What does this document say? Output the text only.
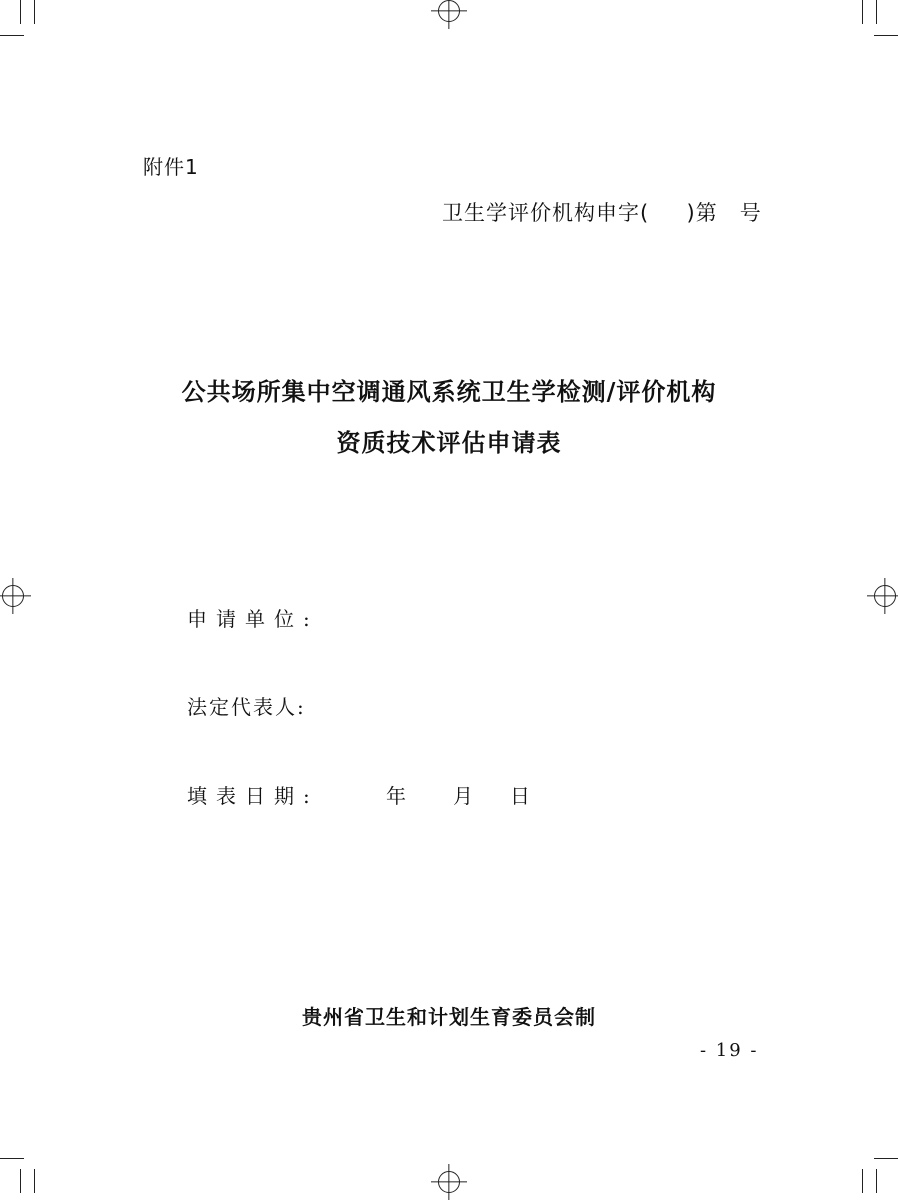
附件1
卫生学评价机构申字(　  )第　号
公共场所集中空调通风系统卫生学检测/评价机构
资质技术评估申请表
申请单位:
法定代表人:
填表日期:	年 月 日
贵州省卫生和计划生育委员会制
- 19 -
